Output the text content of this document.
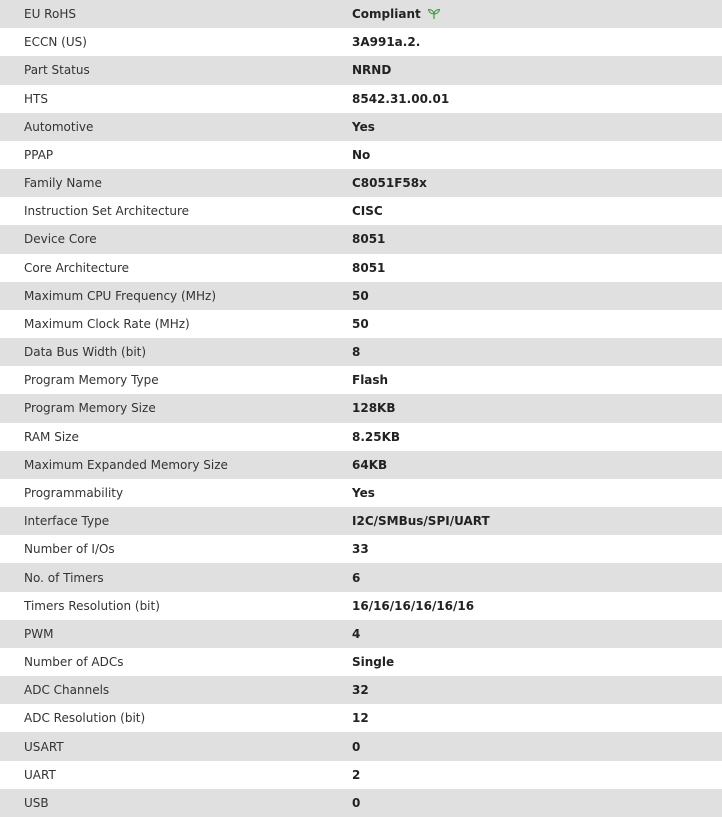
EU RoHS	Compliant
ECCN (US)	3A991a.2.
Part Status	NRND
HTS	8542.31.00.01
Automotive	Yes
PPAP	No
Family Name	C8051F58x
Instruction Set Architecture	CISC
Device Core	8051
Core Architecture	8051
Maximum CPU Frequency (MHz)	50
Maximum Clock Rate (MHz)	50
Data Bus Width (bit)	8
Program Memory Type	Flash
Program Memory Size	128KB
RAM Size	8.25KB
Maximum Expanded Memory Size	64KB
Programmability	Yes
Interface Type	I2C/SMBus/SPI/UART
Number of I/Os	33
No. of Timers	6
Timers Resolution (bit)	16/16/16/16/16/16
PWM	4
Number of ADCs	Single
ADC Channels	32
ADC Resolution (bit)	12
USART	0
UART	2
USB	0
